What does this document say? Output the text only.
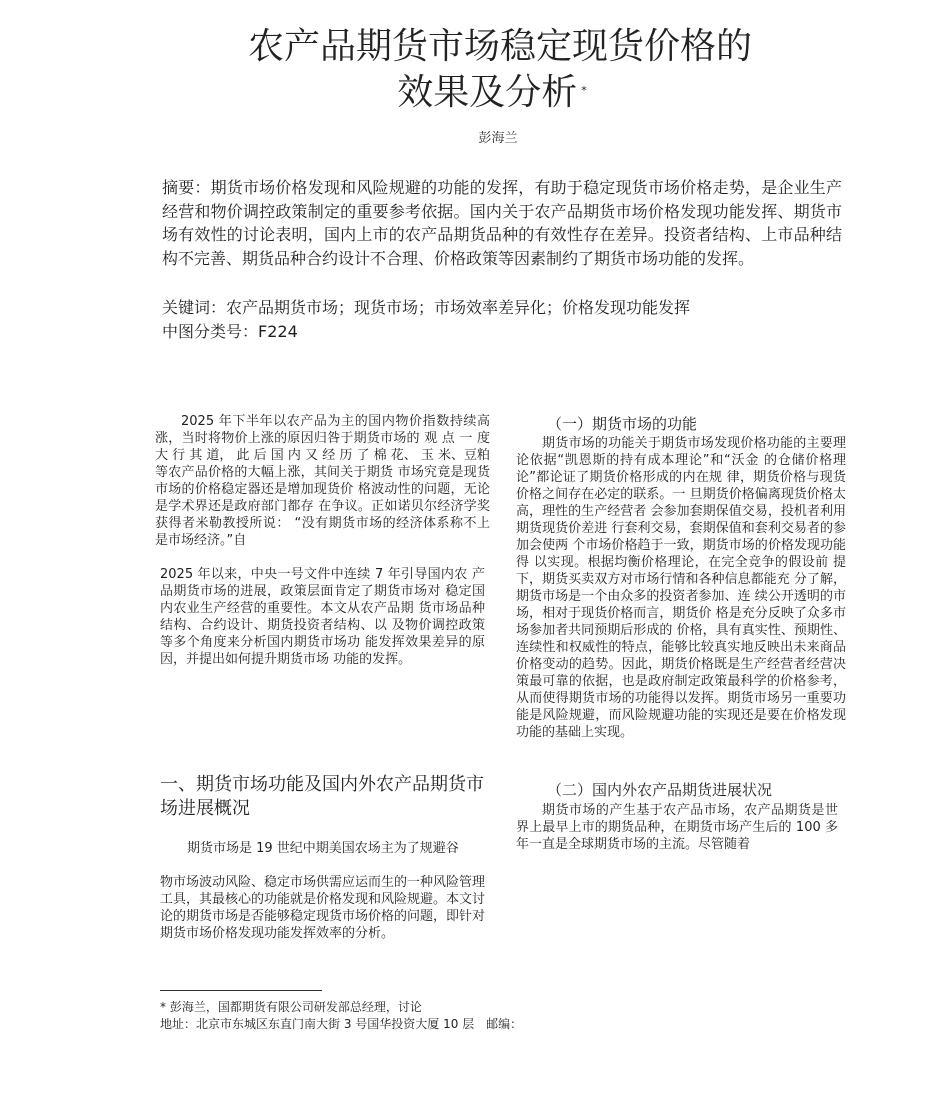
农产品期货市场稳定现货价格的
效果及分析 *
彭海兰
摘要：期货市场价格发现和风险规避的功能的发挥，有助于稳定现货市场价格走势，是企业生产经营和物价调控政策制定的重要参考依据。国内关于农产品期货市场价格发现功能发挥、期货市场有效性的讨论表明，国内上市的农产品期货品种的有效性存在差异。投资者结构、上市品种结构不完善、期货品种合约设计不合理、价格政策等因素制约了期货市场功能的发挥。
关键词：农产品期货市场；现货市场；市场效率差异化；价格发现功能发挥
中图分类号：F224
2025 年下半年以农产品为主的国内物价指数持续高涨，当时将物价上涨的原因归咎于期货市场的 观 点 一 度 大 行 其 道， 此 后 国 内 又 经 历 了 棉 花、 玉 米、豆粕等农产品价格的大幅上涨，其间关于期货 市场究竟是现货市场的价格稳定器还是增加现货价 格波动性的问题，无论是学术界还是政府部门都存 在争议。正如诺贝尔经济学奖获得者米勒教授所说： “没有期货市场的经济体系称不上是市场经济。”自
2025 年以来，中央一号文件中连续 7 年引导国内农 产品期货市场的进展，政策层面肯定了期货市场对 稳定国内农业生产经营的重要性。本文从农产品期 货市场品种结构、合约设计、期货投资者结构、以 及物价调控政策等多个角度来分析国内期货市场功 能发挥效果差异的原因，并提出如何提升期货市场 功能的发挥。
一、期货市场功能及国内外农产品期货市场进展概况
期货市场是 19 世纪中期美国农场主为了规避谷
物市场波动风险、稳定市场供需应运而生的一种风险管理工具，其最核心的功能就是价格发现和风险规避。本文讨论的期货市场是否能够稳定现货市场价格的问题，即针对期货市场价格发现功能发挥效率的分析。
（一）期货市场的功能
期货市场的功能关于期货市场发现价格功能的主要理论依据“凯恩斯的持有成本理论”和“沃金 的仓储价格理论”都论证了期货价格形成的内在规 律，期货价格与现货价格之间存在必定的联系。一 旦期货价格偏离现货价格太高，理性的生产经营者 会参加套期保值交易，投机者利用期货现货价差进 行套利交易，套期保值和套利交易者的参加会使两 个市场价格趋于一致，期货市场的价格发现功能得 以实现。根据均衡价格理论，在完全竞争的假设前 提下，期货买卖双方对市场行情和各种信息都能充 分了解，期货市场是一个由众多的投资者参加、连 续公开透明的市场，相对于现货价格而言，期货价 格是充分反映了众多市场参加者共同预期后形成的 价格，具有真实性、预期性、连续性和权威性的特点，能够比较真实地反映出未来商品价格变动的趋势。因此，期货价格既是生产经营者经营决策最可靠的依据，也是政府制定政策最科学的价格参考，从而使得期货市场的功能得以发挥。期货市场另一重要功能是风险规避，而风险规避功能的实现还是要在价格发现功能的基础上实现。
（二）国内外农产品期货进展状况
期货市场的产生基于农产品市场，农产品期货是世界上最早上市的期货品种，在期货市场产生后的 100 多年一直是全球期货市场的主流。尽管随着
* 彭海兰，国都期货有限公司研发部总经理，讨论
地址：北京市东城区东直门南大街 3 号国华投资大厦 10 层　邮编：
